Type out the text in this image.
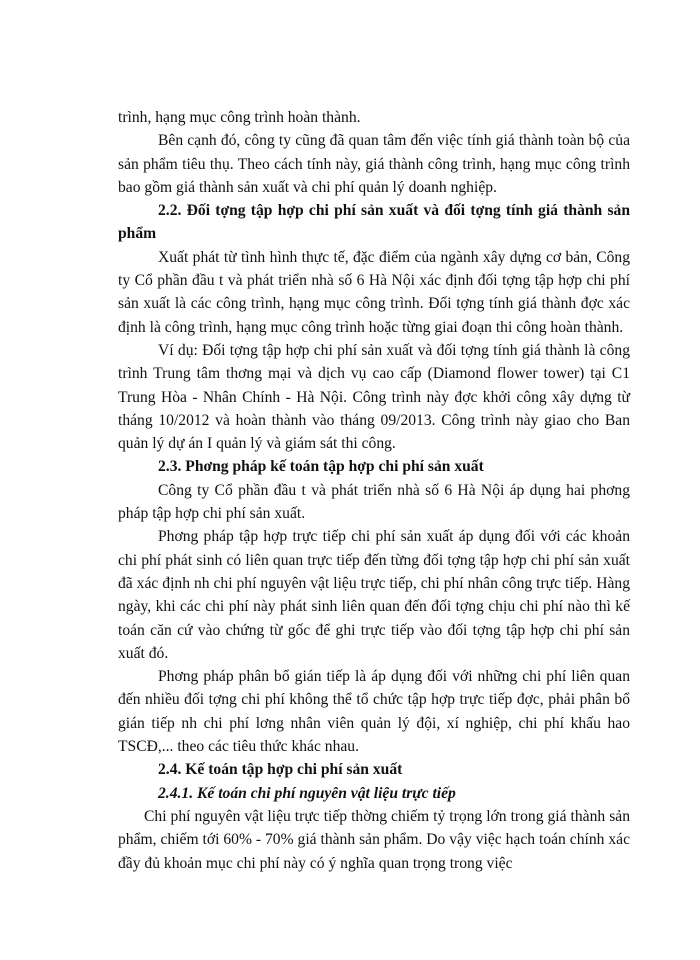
trình, hạng mục công trình hoàn thành.

Bên cạnh đó, công ty cũng đã quan tâm đến việc tính giá thành toàn bộ của sản phẩm tiêu thụ. Theo cách tính này, giá thành công trình, hạng mục công trình bao gồm giá thành sản xuất và chi phí quản lý doanh nghiệp.

2.2. Đối tợng tập hợp chi phí sản xuất và đối tợng tính giá thành sản phẩm

Xuất phát từ tình hình thực tế, đặc điểm của ngành xây dựng cơ bản, Công ty Cổ phần đầu t và phát triển nhà số 6 Hà Nội xác định đối tợng tập hợp chi phí sản xuất là các công trình, hạng mục công trình. Đối tợng tính giá thành đợc xác định là công trình, hạng mục công trình hoặc từng giai đoạn thi công hoàn thành.

Ví dụ: Đối tợng tập hợp chi phí sản xuất và đối tợng tính giá thành là công trình Trung tâm thơng mại và dịch vụ cao cấp (Diamond flower tower) tại C1 Trung Hòa - Nhân Chính - Hà Nội. Công trình này đợc khởi công xây dựng từ tháng 10/2012 và hoàn thành vào tháng 09/2013. Công trình này giao cho Ban quản lý dự án I quản lý và giám sát thi công.

2.3. Phơng pháp kế toán tập hợp chi phí sản xuất

Công ty Cổ phần đầu t và phát triển nhà số 6 Hà Nội áp dụng hai phơng pháp tập hợp chi phí sản xuất.

Phơng pháp tập hợp trực tiếp chi phí sản xuất áp dụng đối với các khoản chi phí phát sinh có liên quan trực tiếp đến từng đối tợng tập hợp chi phí sản xuất đã xác định nh chi phí nguyên vật liệu trực tiếp, chi phí nhân công trực tiếp. Hàng ngày, khi các chi phí này phát sinh liên quan đến đối tợng chịu chi phí nào thì kế toán căn cứ vào chứng từ gốc để ghi trực tiếp vào đối tợng tập hợp chi phí sản xuất đó.

Phơng pháp phân bổ gián tiếp là áp dụng đối với những chi phí liên quan đến nhiều đối tợng chi phí không thể tổ chức tập hợp trực tiếp đợc, phải phân bổ gián tiếp nh chi phí lơng nhân viên quản lý đội, xí nghiệp, chi phí khấu hao TSCĐ,... theo các tiêu thức khác nhau.

2.4. Kế toán tập hợp chi phí sản xuất

2.4.1. Kế toán chi phí nguyên vật liệu trực tiếp

Chi phí nguyên vật liệu trực tiếp thờng chiếm tỷ trọng lớn trong giá thành sản phẩm, chiếm tới 60% - 70% giá thành sản phẩm. Do vậy việc hạch toán chính xác đầy đủ khoản mục chi phí này có ý nghĩa quan trọng trong việc
